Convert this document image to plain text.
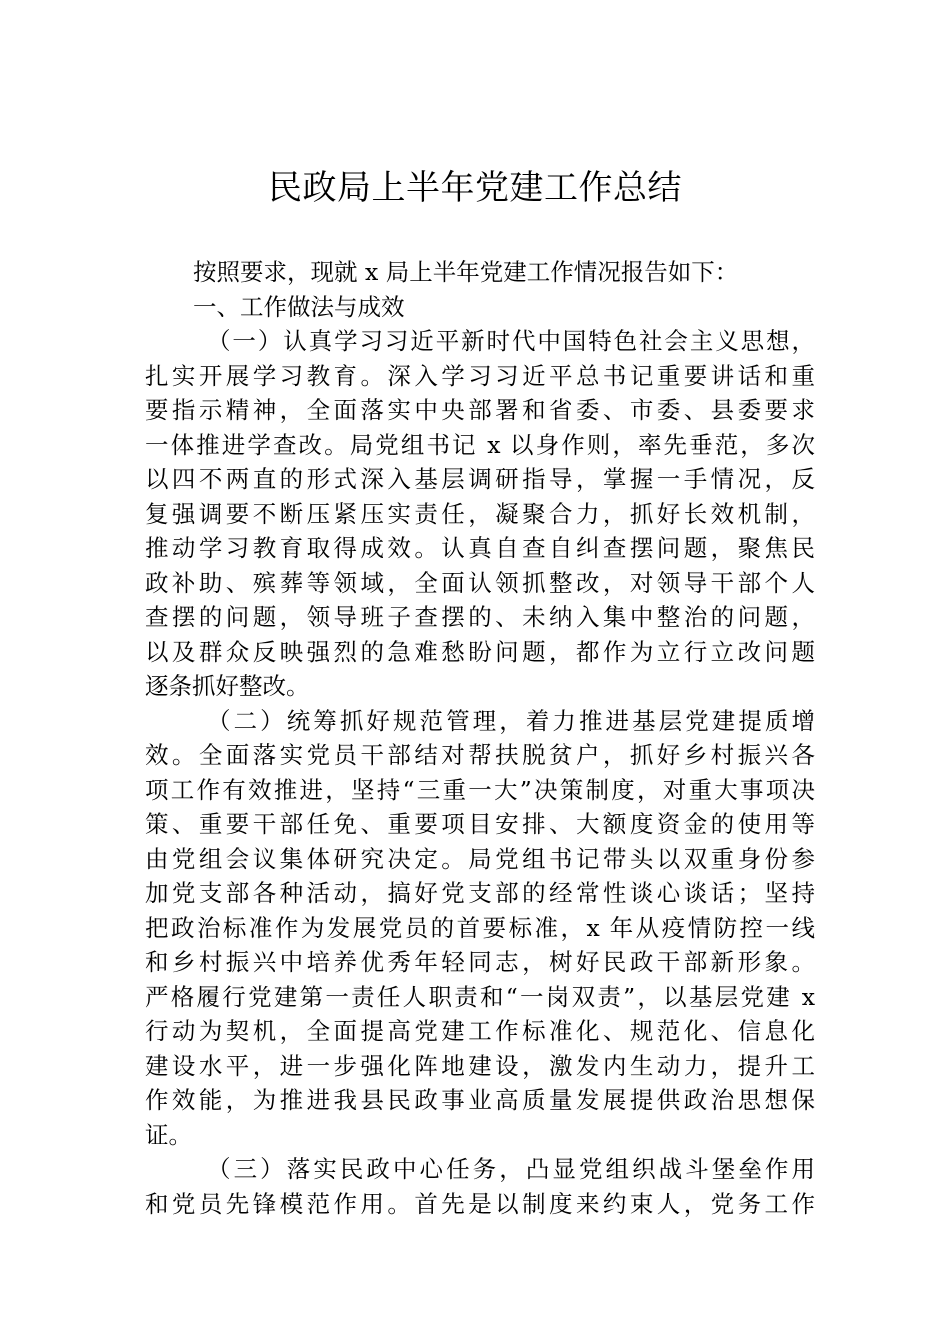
民政局上半年党建工作总结
按照要求，现就 x 局上半年党建工作情况报告如下：
一、工作做法与成效
（一）认真学习习近平新时代中国特色社会主义思想，
扎实开展学习教育。深入学习习近平总书记重要讲话和重
要指示精神，全面落实中央部署和省委、市委、县委要求
一体推进学查改。局党组书记 x 以身作则，率先垂范，多次
以四不两直的形式深入基层调研指导，掌握一手情况，反
复强调要不断压紧压实责任，凝聚合力，抓好长效机制，
推动学习教育取得成效。认真自查自纠查摆问题，聚焦民
政补助、殡葬等领域，全面认领抓整改，对领导干部个人
查摆的问题，领导班子查摆的、未纳入集中整治的问题，
以及群众反映强烈的急难愁盼问题，都作为立行立改问题
逐条抓好整改。
（二）统筹抓好规范管理，着力推进基层党建提质增
效。全面落实党员干部结对帮扶脱贫户，抓好乡村振兴各
项工作有效推进，坚持“三重一大”决策制度，对重大事项决
策、重要干部任免、重要项目安排、大额度资金的使用等
由党组会议集体研究决定。局党组书记带头以双重身份参
加党支部各种活动，搞好党支部的经常性谈心谈话；坚持
把政治标准作为发展党员的首要标准，x 年从疫情防控一线
和乡村振兴中培养优秀年轻同志，树好民政干部新形象。
严格履行党建第一责任人职责和“一岗双责”，以基层党建 x
行动为契机，全面提高党建工作标准化、规范化、信息化
建设水平，进一步强化阵地建设，激发内生动力，提升工
作效能，为推进我县民政事业高质量发展提供政治思想保
证。
（三）落实民政中心任务，凸显党组织战斗堡垒作用
和党员先锋模范作用。首先是以制度来约束人，党务工作
